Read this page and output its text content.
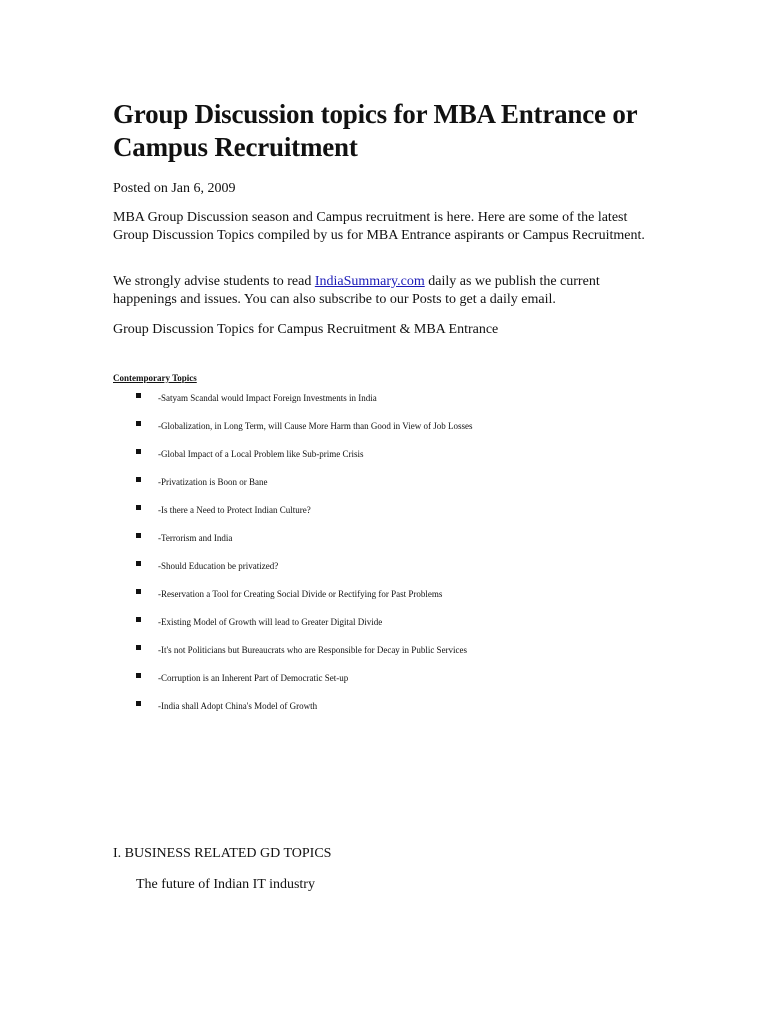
Group Discussion topics for MBA Entrance or Campus Recruitment

Posted on Jan 6, 2009

MBA Group Discussion season and Campus recruitment is here. Here are some of the latest Group Discussion Topics compiled by us for MBA Entrance aspirants or Campus Recruitment.

We strongly advise students to read IndiaSummary.com daily as we publish the current happenings and issues. You can also subscribe to our Posts to get a daily email.

Group Discussion Topics for Campus Recruitment & MBA Entrance

Contemporary Topics

-Satyam Scandal would Impact Foreign Investments in India
-Globalization, in Long Term, will Cause More Harm than Good in View of Job Losses
-Global Impact of a Local Problem like Sub-prime Crisis
-Privatization is Boon or Bane
-Is there a Need to Protect Indian Culture?
-Terrorism and India
-Should Education be privatized?
-Reservation a Tool for Creating Social Divide or Rectifying for Past Problems
-Existing Model of Growth will lead to Greater Digital Divide
-It's not Politicians but Bureaucrats who are Responsible for Decay in Public Services
-Corruption is an Inherent Part of Democratic Set-up
-India shall Adopt China's Model of Growth

I. BUSINESS RELATED GD TOPICS

The future of Indian IT industry
